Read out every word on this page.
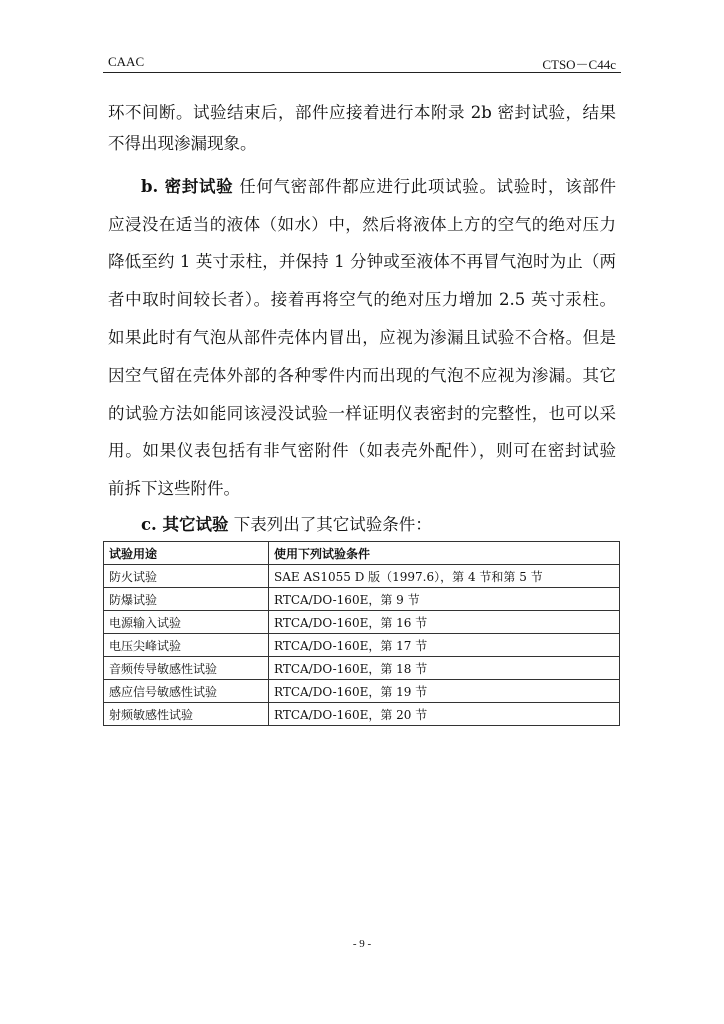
CAAC	CTSO－C44c
环不间断。试验结束后，部件应接着进行本附录 2b 密封试验，结果
不得出现渗漏现象。
b. 密封试验 任何气密部件都应进行此项试验。试验时，该部件
应浸没在适当的液体（如水）中，然后将液体上方的空气的绝对压力
降低至约 1 英寸汞柱，并保持 1 分钟或至液体不再冒气泡时为止（两
者中取时间较长者）。接着再将空气的绝对压力增加 2.5 英寸汞柱。
如果此时有气泡从部件壳体内冒出，应视为渗漏且试验不合格。但是
因空气留在壳体外部的各种零件内而出现的气泡不应视为渗漏。其它
的试验方法如能同该浸没试验一样证明仪表密封的完整性，也可以采
用。如果仪表包括有非气密附件（如表壳外配件），则可在密封试验
前拆下这些附件。
c. 其它试验 下表列出了其它试验条件：
试验用途	使用下列试验条件
防火试验	SAE AS1055 D 版（1997.6），第 4 节和第 5 节
防爆试验	RTCA/DO-160E，第 9 节
电源输入试验	RTCA/DO-160E，第 16 节
电压尖峰试验	RTCA/DO-160E，第 17 节
音频传导敏感性试验	RTCA/DO-160E，第 18 节
感应信号敏感性试验	RTCA/DO-160E，第 19 节
射频敏感性试验	RTCA/DO-160E，第 20 节
- 9 -
